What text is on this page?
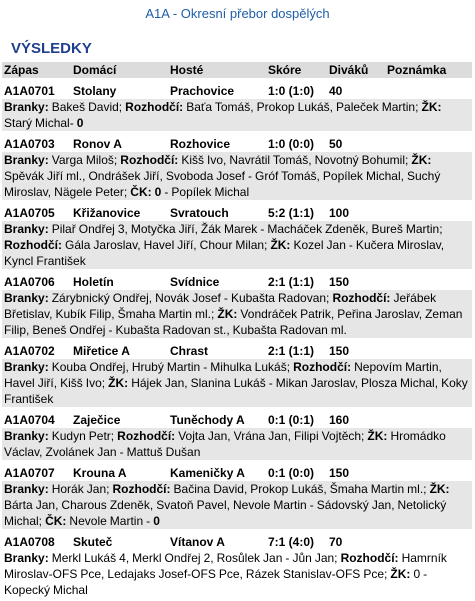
A1A - Okresní přebor dospělých
VÝSLEDKY
Zápas	Domácí	Hosté	Skóre	Diváků	Poznámka
A1A0701	Stolany	Prachovice	1:0 (1:0)	40
Branky: Bakeš David; Rozhodčí: Baťa Tomáš, Prokop Lukáš, Paleček Martin; ŽK: Starý Michal- 0
A1A0703	Ronov A	Rozhovice	1:0 (0:0)	50
Branky: Varga Miloš; Rozhodčí: Kišš Ivo, Navrátil Tomáš, Novotný Bohumil; ŽK: Spěvák Jiří ml., Ondrášek Jiří, Svoboda Josef - Gróf Tomáš, Popílek Michal, Suchý Miroslav, Nägele Peter; ČK: 0 - Popílek Michal
A1A0705	Křižanovice	Svratouch	5:2 (1:1)	100
Branky: Pilař Ondřej 3, Motyčka Jiří, Žák Marek - Macháček Zdeněk, Bureš Martin; Rozhodčí: Gála Jaroslav, Havel Jiří, Chour Milan; ŽK: Kozel Jan - Kučera Miroslav, Kyncl František
A1A0706	Holetín	Svídnice	2:1 (1:1)	150
Branky: Zárybnický Ondřej, Novák Josef - Kubašta Radovan; Rozhodčí: Jeřábek Břetislav, Kubík Filip, Šmaha Martin ml.; ŽK: Vondráček Patrik, Peřina Jaroslav, Zeman Filip, Beneš Ondřej - Kubašta Radovan st., Kubašta Radovan ml.
A1A0702	Miřetice A	Chrast	2:1 (1:1)	150
Branky: Kouba Ondřej, Hrubý Martin - Mihulka Lukáš; Rozhodčí: Nepovím Martin, Havel Jiří, Kišš Ivo; ŽK: Hájek Jan, Slanina Lukáš - Mikan Jaroslav, Plosza Michal, Koky František
A1A0704	Zaječice	Tuněchody A	0:1 (0:1)	160
Branky: Kudyn Petr; Rozhodčí: Vojta Jan, Vrána Jan, Filipi Vojtěch; ŽK: Hromádko Václav, Zvolánek Jan - Mattuš Dušan
A1A0707	Krouna A	Kameničky A	0:1 (0:0)	150
Branky: Horák Jan; Rozhodčí: Bačina David, Prokop Lukáš, Šmaha Martin ml.; ŽK: Bárta Jan, Charous Zdeněk, Svatoň Pavel, Nevole Martin - Sádovský Jan, Netolický Michal; ČK: Nevole Martin - 0
A1A0708	Skuteč	Vítanov A	7:1 (4:0)	70
Branky: Merkl Lukáš 4, Merkl Ondřej 2, Rosůlek Jan - Jůn Jan; Rozhodčí: Hamrník Miroslav-OFS Pce, Ledajaks Josef-OFS Pce, Rázek Stanislav-OFS Pce; ŽK: 0 - Kopecký Michal
